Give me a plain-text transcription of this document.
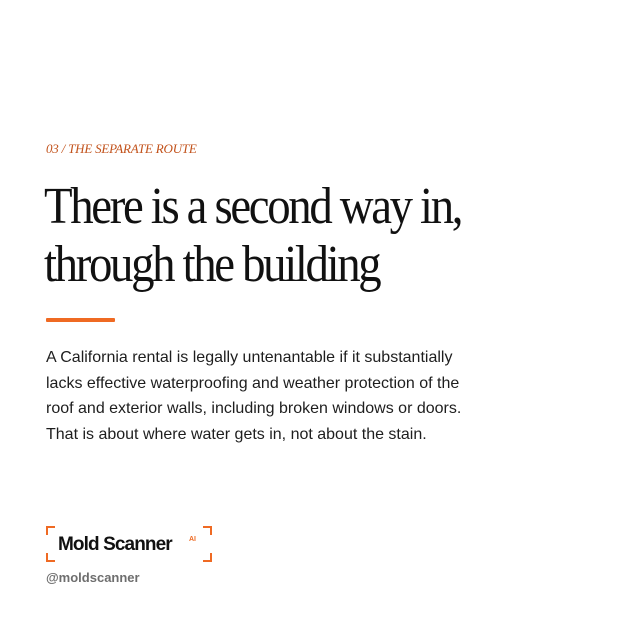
03 / THE SEPARATE ROUTE
There is a second way in,
through the building

A California rental is legally untenantable if it substantially
lacks effective waterproofing and weather protection of the
roof and exterior walls, including broken windows or doors.
That is about where water gets in, not about the stain.

Mold Scanner AI
@moldscanner
